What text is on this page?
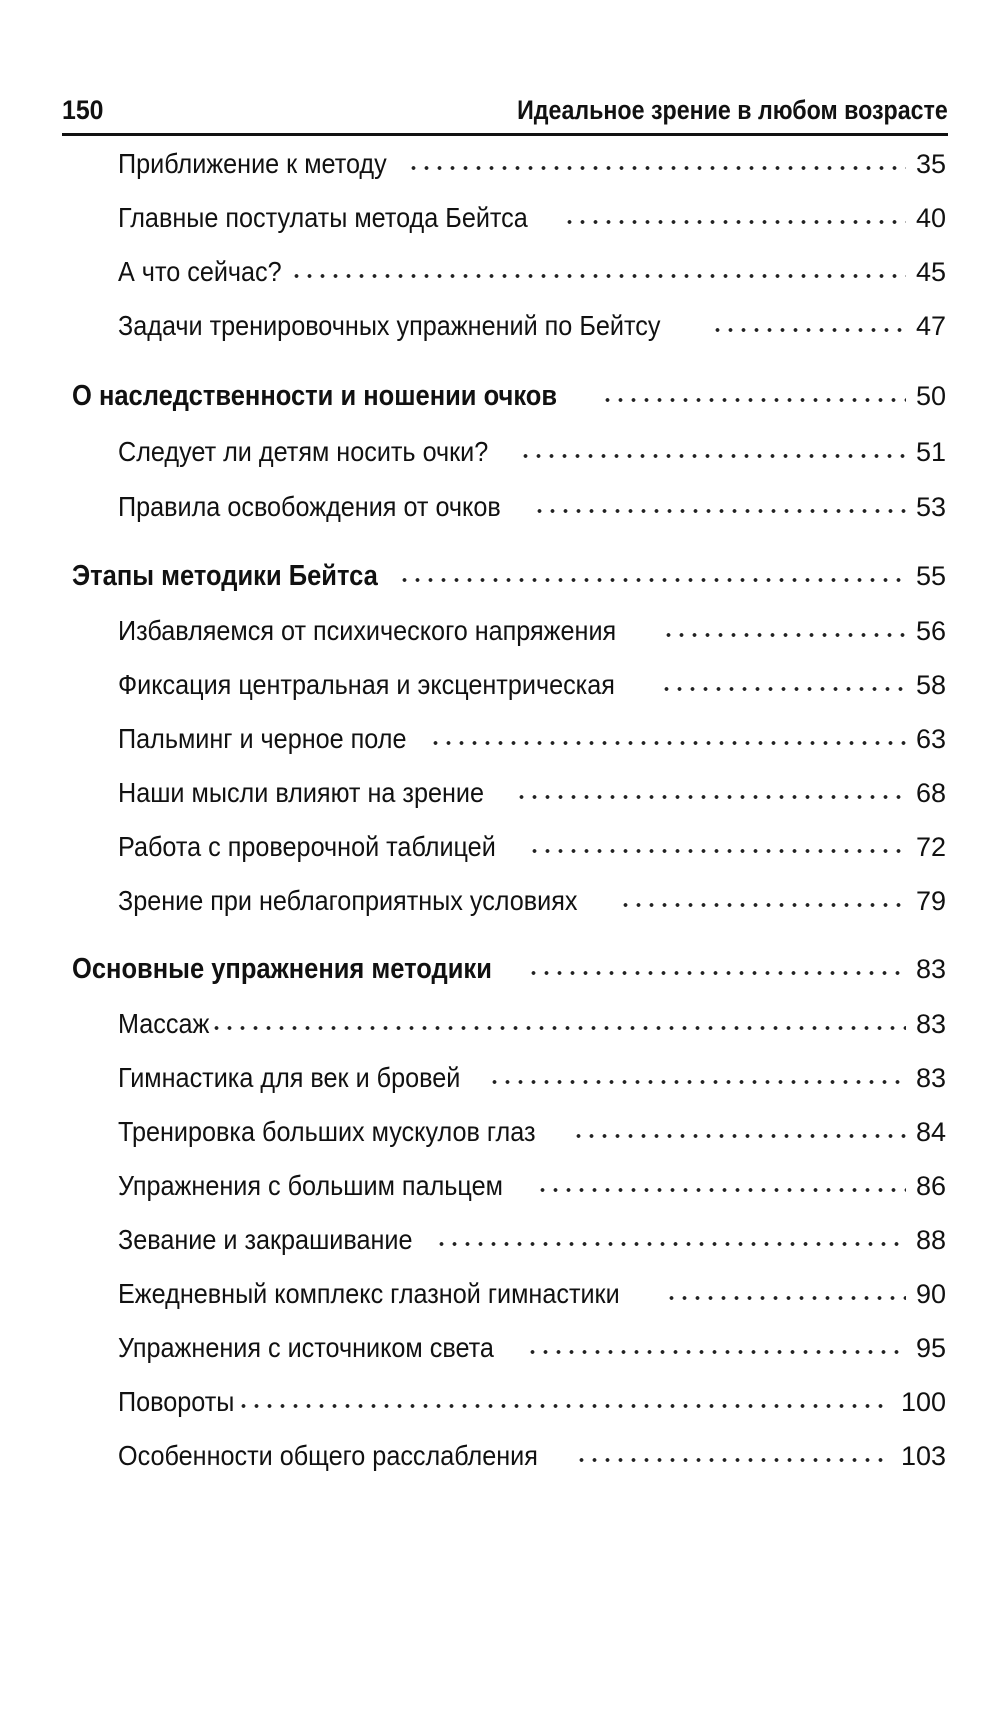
150	Идеальное зрение в любом возрасте
Приближение к методу	35
Главные постулаты метода Бейтса	40
А что сейчас?	45
Задачи тренировочных упражнений по Бейтсу	47
О наследственности и ношении очков	50
Следует ли детям носить очки?	51
Правила освобождения от очков	53
Этапы методики Бейтса	55
Избавляемся от психического напряжения	56
Фиксация центральная и эксцентрическая	58
Пальминг и черное поле	63
Наши мысли влияют на зрение	68
Работа с проверочной таблицей	72
Зрение при неблагоприятных условиях	79
Основные упражнения методики	83
Массаж	83
Гимнастика для век и бровей	83
Тренировка больших мускулов глаз	84
Упражнения с большим пальцем	86
Зевание и закрашивание	88
Ежедневный комплекс глазной гимнастики	90
Упражнения с источником света	95
Повороты	100
Особенности общего расслабления	103
